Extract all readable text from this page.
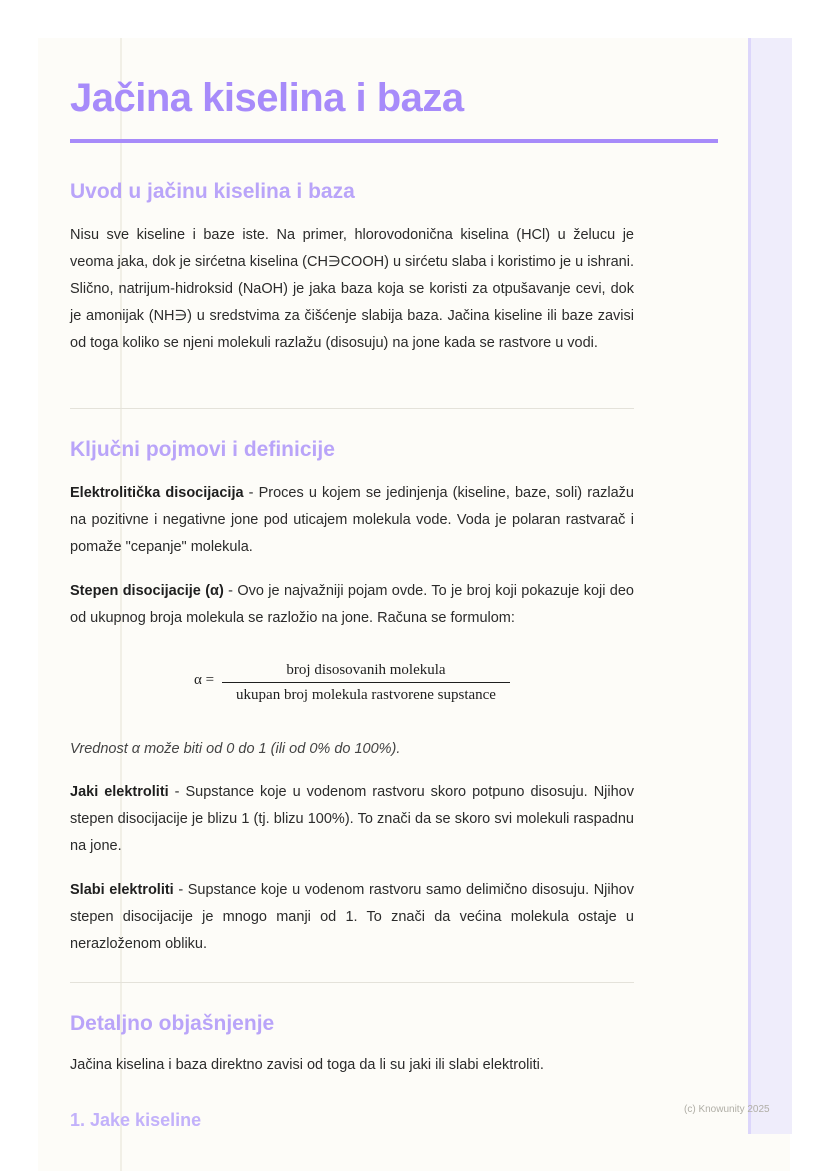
Jačina kiselina i baza
Uvod u jačinu kiselina i baza

Nisu sve kiseline i baze iste. Na primer, hlorovodonična kiselina (HCl) u želucu je veoma jaka, dok je sirćetna kiselina (CH∋COOH) u sirćetu slaba i koristimo je u ishrani. Slično, natrijum-hidroksid (NaOH) je jaka baza koja se koristi za otpušavanje cevi, dok je amonijak (NH∋) u sredstvima za čišćenje slabija baza. Jačina kiseline ili baze zavisi od toga koliko se njeni molekuli razlažu (disosuju) na jone kada se rastvore u vodi.

Ključni pojmovi i definicije

Elektrolitička disocijacija - Proces u kojem se jedinjenja (kiseline, baze, soli) razlažu na pozitivne i negativne jone pod uticajem molekula vode. Voda je polaran rastvarač i pomaže "cepanje" molekula.

Stepen disocijacije (α) - Ovo je najvažniji pojam ovde. To je broj koji pokazuje koji deo od ukupnog broja molekula se razložio na jone. Računa se formulom:

α =
broj disosovanih molekula
ukupan broj molekula rastvorene supstance

Vrednost α može biti od 0 do 1 (ili od 0% do 100%).

Jaki elektroliti - Supstance koje u vodenom rastvoru skoro potpuno disosuju. Njihov stepen disocijacije je blizu 1 (tj. blizu 100%). To znači da se skoro svi molekuli raspadnu na jone.

Slabi elektroliti - Supstance koje u vodenom rastvoru samo delimično disosuju. Njihov stepen disocijacije je mnogo manji od 1. To znači da većina molekula ostaje u nerazloženom obliku.

Detaljno objašnjenje

Jačina kiselina i baza direktno zavisi od toga da li su jaki ili slabi elektroliti.

1. Jake kiseline
(c) Knowunity 2025
